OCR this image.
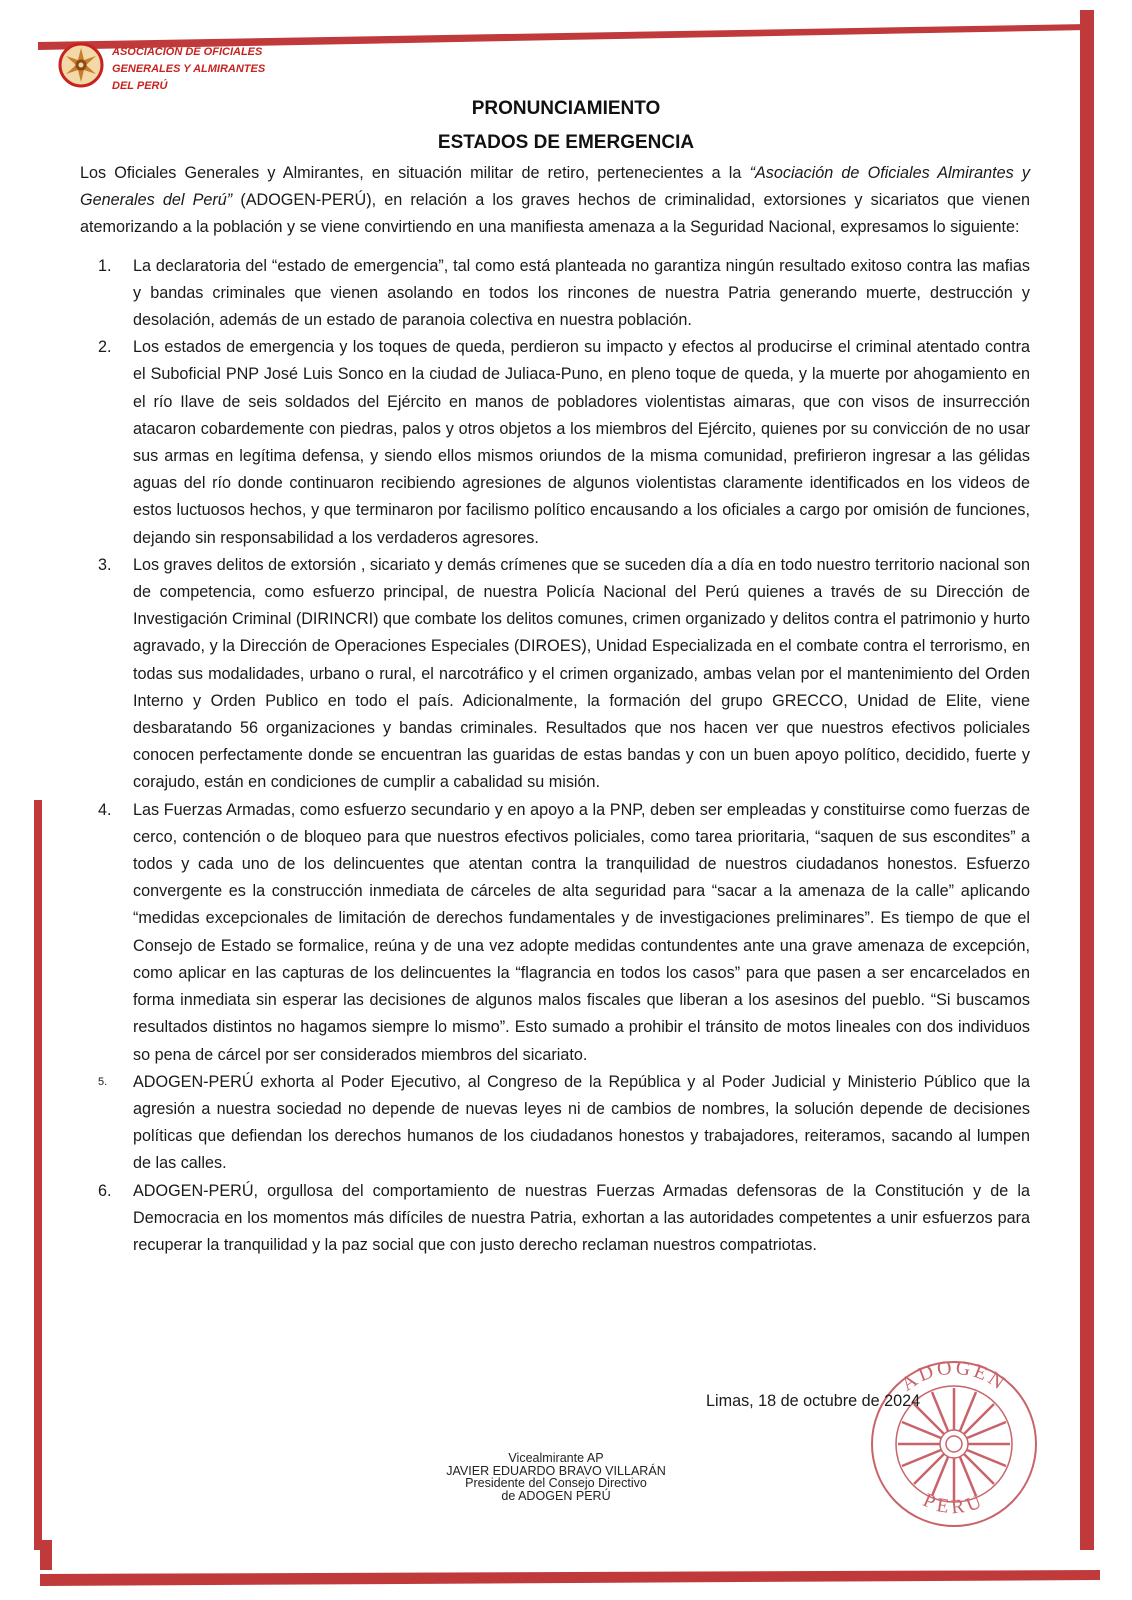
ASOCIACIÓN DE OFICIALES
GENERALES Y ALMIRANTES
DEL PERÚ
PRONUNCIAMIENTO
ESTADOS DE EMERGENCIA

Los Oficiales Generales y Almirantes, en situación militar de retiro, pertenecientes a la “Asociación de Oficiales Almirantes y Generales del Perú” (ADOGEN-PERÚ), en relación a los graves hechos de criminalidad, extorsiones y sicariatos que vienen atemorizando a la población y se viene convirtiendo en una manifiesta amenaza a la Seguridad Nacional, expresamos lo siguiente:

1.	La declaratoria del “estado de emergencia”, tal como está planteada no garantiza ningún resultado exitoso contra las mafias y bandas criminales que vienen asolando en todos los rincones de nuestra Patria generando muerte, destrucción y desolación, además de un estado de paranoia colectiva en nuestra población.
2.	Los estados de emergencia y los toques de queda, perdieron su impacto y efectos al producirse el criminal atentado contra el Suboficial PNP José Luis Sonco en la ciudad de Juliaca-Puno, en pleno toque de queda, y la muerte por ahogamiento en el río Ilave de seis soldados del Ejército en manos de pobladores violentistas aimaras, que con visos de insurrección atacaron cobardemente con piedras, palos y otros objetos a los miembros del Ejército, quienes por su convicción de no usar sus armas en legítima defensa, y siendo ellos mismos oriundos de la misma comunidad, prefirieron ingresar a las gélidas aguas del río donde continuaron recibiendo agresiones de algunos violentistas claramente identificados en los videos de estos luctuosos hechos, y que terminaron por facilismo político encausando a los oficiales a cargo por omisión de funciones, dejando sin responsabilidad a los verdaderos agresores.
3.	Los graves delitos de extorsión , sicariato y demás crímenes que se suceden día a día en todo nuestro territorio nacional son de competencia, como esfuerzo principal, de nuestra Policía Nacional del Perú quienes a través de su Dirección de Investigación Criminal (DIRINCRI) que combate los delitos comunes, crimen organizado y delitos contra el patrimonio y hurto agravado, y la Dirección de Operaciones Especiales (DIROES), Unidad Especializada en el combate contra el terrorismo, en todas sus modalidades, urbano o rural, el narcotráfico y el crimen organizado, ambas velan por el mantenimiento del Orden Interno y Orden Publico en todo el país. Adicionalmente, la formación del grupo GRECCO, Unidad de Elite, viene desbaratando 56 organizaciones y bandas criminales. Resultados que nos hacen ver que nuestros efectivos policiales conocen perfectamente donde se encuentran las guaridas de estas bandas y con un buen apoyo político, decidido, fuerte y corajudo, están en condiciones de cumplir a cabalidad su misión.
4.	Las Fuerzas Armadas, como esfuerzo secundario y en apoyo a la PNP, deben ser empleadas y constituirse como fuerzas de cerco, contención o de bloqueo para que nuestros efectivos policiales, como tarea prioritaria, “saquen de sus escondites” a todos y cada uno de los delincuentes que atentan contra la tranquilidad de nuestros ciudadanos honestos. Esfuerzo convergente es la construcción inmediata de cárceles de alta seguridad para “sacar a la amenaza de la calle” aplicando “medidas excepcionales de limitación de derechos fundamentales y de investigaciones preliminares”. Es tiempo de que el Consejo de Estado se formalice, reúna y de una vez adopte medidas contundentes ante una grave amenaza de excepción, como aplicar en las capturas de los delincuentes la “flagrancia en todos los casos” para que pasen a ser encarcelados en forma inmediata sin esperar las decisiones de algunos malos fiscales que liberan a los asesinos del pueblo. “Si buscamos resultados distintos no hagamos siempre lo mismo”. Esto sumado a prohibir el tránsito de motos lineales con dos individuos so pena de cárcel por ser considerados miembros del sicariato.
5.	ADOGEN-PERÚ exhorta al Poder Ejecutivo, al Congreso de la República y al Poder Judicial y Ministerio Público que la agresión a nuestra sociedad no depende de nuevas leyes ni de cambios de nombres, la solución depende de decisiones políticas que defiendan los derechos humanos de los ciudadanos honestos y trabajadores, reiteramos, sacando al lumpen de las calles.
6.	ADOGEN-PERÚ, orgullosa del comportamiento de nuestras Fuerzas Armadas defensoras de la Constitución y de la Democracia en los momentos más difíciles de nuestra Patria, exhortan a las autoridades competentes a unir esfuerzos para recuperar la tranquilidad y la paz social que con justo derecho reclaman nuestros compatriotas.
ADOGEN
PERU
Limas, 18 de octubre de 2024
Vicealmirante AP
JAVIER EDUARDO BRAVO VILLARÁN
Presidente del Consejo Directivo
de ADOGEN PERÚ
